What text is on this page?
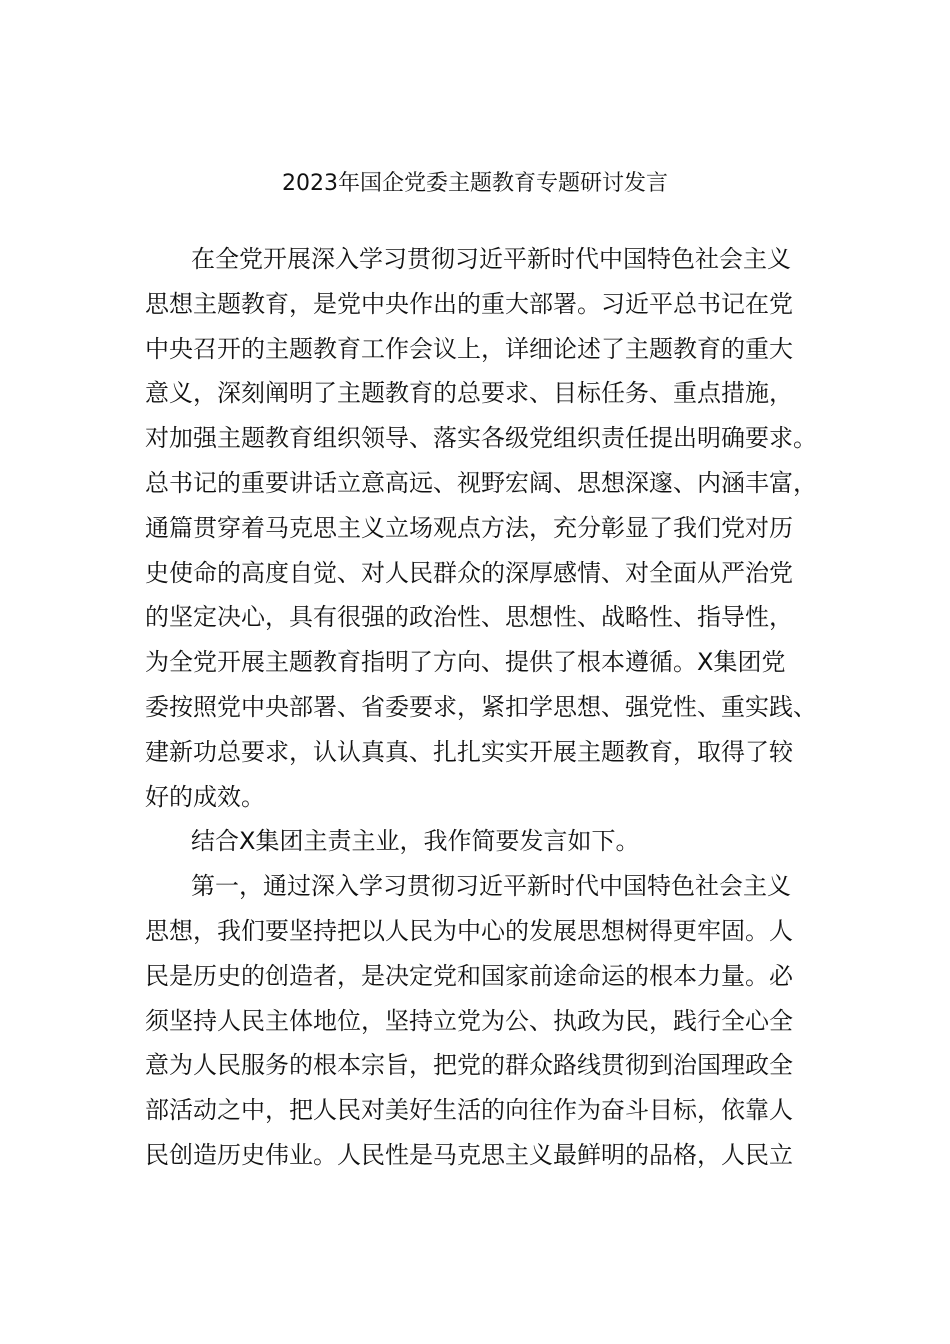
2023年国企党委主题教育专题研讨发言
在全党开展深入学习贯彻习近平新时代中国特色社会主义
思想主题教育，是党中央作出的重大部署。习近平总书记在党
中央召开的主题教育工作会议上，详细论述了主题教育的重大
意义，深刻阐明了主题教育的总要求、目标任务、重点措施，
对加强主题教育组织领导、落实各级党组织责任提出明确要求。
总书记的重要讲话立意高远、视野宏阔、思想深邃、内涵丰富，
通篇贯穿着马克思主义立场观点方法，充分彰显了我们党对历
史使命的高度自觉、对人民群众的深厚感情、对全面从严治党
的坚定决心，具有很强的政治性、思想性、战略性、指导性，
为全党开展主题教育指明了方向、提供了根本遵循。X集团党
委按照党中央部署、省委要求，紧扣学思想、强党性、重实践、
建新功总要求，认认真真、扎扎实实开展主题教育，取得了较
好的成效。
结合X集团主责主业，我作简要发言如下。
第一，通过深入学习贯彻习近平新时代中国特色社会主义
思想，我们要坚持把以人民为中心的发展思想树得更牢固。人
民是历史的创造者，是决定党和国家前途命运的根本力量。必
须坚持人民主体地位，坚持立党为公、执政为民，践行全心全
意为人民服务的根本宗旨，把党的群众路线贯彻到治国理政全
部活动之中，把人民对美好生活的向往作为奋斗目标，依靠人
民创造历史伟业。人民性是马克思主义最鲜明的品格，人民立
